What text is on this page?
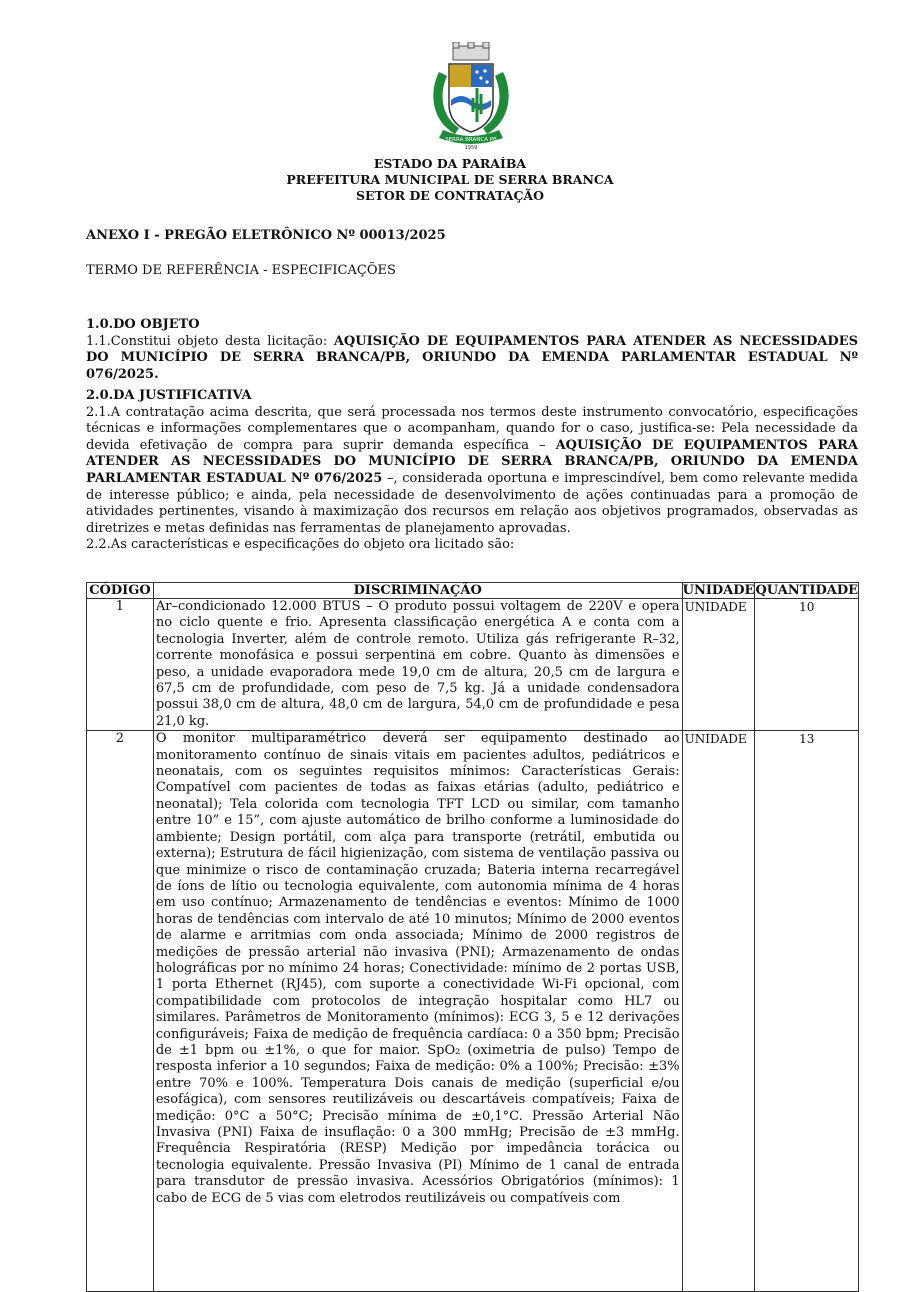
SERRA BRANCA PB
1959
ESTADO DA PARAÍBA
PREFEITURA MUNICIPAL DE SERRA BRANCA
SETOR DE CONTRATAÇÃO
ANEXO I - PREGÃO ELETRÔNICO Nº 00013/2025
TERMO DE REFERÊNCIA - ESPECIFICAÇÕES
1.0.DO OBJETO
1.1.Constitui objeto desta licitação: AQUISIÇÃO DE EQUIPAMENTOS PARA ATENDER AS NECESSIDADES DO MUNICÍPIO DE SERRA BRANCA/PB, ORIUNDO DA EMENDA PARLAMENTAR ESTADUAL Nº 076/2025.
2.0.DA JUSTIFICATIVA
2.1.A contratação acima descrita, que será processada nos termos deste instrumento convocatório, especificações técnicas e informações complementares que o acompanham, quando for o caso, justifica-se: Pela necessidade da devida efetivação de compra para suprir demanda específica – AQUISIÇÃO DE EQUIPAMENTOS PARA ATENDER AS NECESSIDADES DO MUNICÍPIO DE SERRA BRANCA/PB, ORIUNDO DA EMENDA PARLAMENTAR ESTADUAL Nº 076/2025 –, considerada oportuna e imprescindível, bem como relevante medida de interesse público; e ainda, pela necessidade de desenvolvimento de ações continuadas para a promoção de atividades pertinentes, visando à maximização dos recursos em relação aos objetivos programados, observadas as diretrizes e metas definidas nas ferramentas de planejamento aprovadas.
2.2.As características e especificações do objeto ora licitado são:
CÓDIGO	DISCRIMINAÇÃO	UNIDADE	QUANTIDADE
1	Ar–condicionado 12.000 BTUS – O produto possui voltagem de 220V e opera no ciclo quente e frio. Apresenta classificação energética A e conta com a tecnologia Inverter, além de controle remoto. Utiliza gás refrigerante R–32, corrente monofásica e possui serpentina em cobre. Quanto às dimensões e peso, a unidade evaporadora mede 19,0 cm de altura, 20,5 cm de largura e 67,5 cm de profundidade, com peso de 7,5 kg. Já a unidade condensadora possui 38,0 cm de altura, 48,0 cm de largura, 54,0 cm de profundidade e pesa 21,0 kg.	UNIDADE	10
2	O monitor multiparamétrico deverá ser equipamento destinado ao monitoramento contínuo de sinais vitais em pacientes adultos, pediátricos e neonatais, com os seguintes requisitos mínimos: Características Gerais: Compatível com pacientes de todas as faixas etárias (adulto, pediátrico e neonatal); Tela colorida com tecnologia TFT LCD ou similar, com tamanho entre 10” e 15”, com ajuste automático de brilho conforme a luminosidade do ambiente; Design portátil, com alça para transporte (retrátil, embutida ou externa); Estrutura de fácil higienização, com sistema de ventilação passiva ou que minimize o risco de contaminação cruzada; Bateria interna recarregável de íons de lítio ou tecnologia equivalente, com autonomia mínima de 4 horas em uso contínuo; Armazenamento de tendências e eventos: Mínimo de 1000 horas de tendências com intervalo de até 10 minutos; Mínimo de 2000 eventos de alarme e arritmias com onda associada; Mínimo de 2000 registros de medições de pressão arterial não invasiva (PNI); Armazenamento de ondas holográficas por no mínimo 24 horas; Conectividade: mínimo de 2 portas USB, 1 porta Ethernet (RJ45), com suporte a conectividade Wi-Fi opcional, com compatibilidade com protocolos de integração hospitalar como HL7 ou similares. Parâmetros de Monitoramento (mínimos): ECG 3, 5 e 12 derivações configuráveis; Faixa de medição de frequência cardíaca: 0 a 350 bpm; Precisão de ±1 bpm ou ±1%, o que for maior. SpO₂ (oximetria de pulso) Tempo de resposta inferior a 10 segundos; Faixa de medição: 0% a 100%; Precisão: ±3% entre 70% e 100%. Temperatura Dois canais de medição (superficial e/ou esofágica), com sensores reutilizáveis ou descartáveis compatíveis; Faixa de medição: 0°C a 50°C; Precisão mínima de ±0,1°C. Pressão Arterial Não Invasiva (PNI) Faixa de insuflação: 0 a 300 mmHg; Precisão de ±3 mmHg. Frequência Respiratória (RESP) Medição por impedância torácica ou tecnologia equivalente. Pressão Invasiva (PI) Mínimo de 1 canal de entrada para transdutor de pressão invasiva. Acessórios Obrigatórios (mínimos): 1 cabo de ECG de 5 vias com eletrodos reutilizáveis ou compatíveis com	UNIDADE	13
